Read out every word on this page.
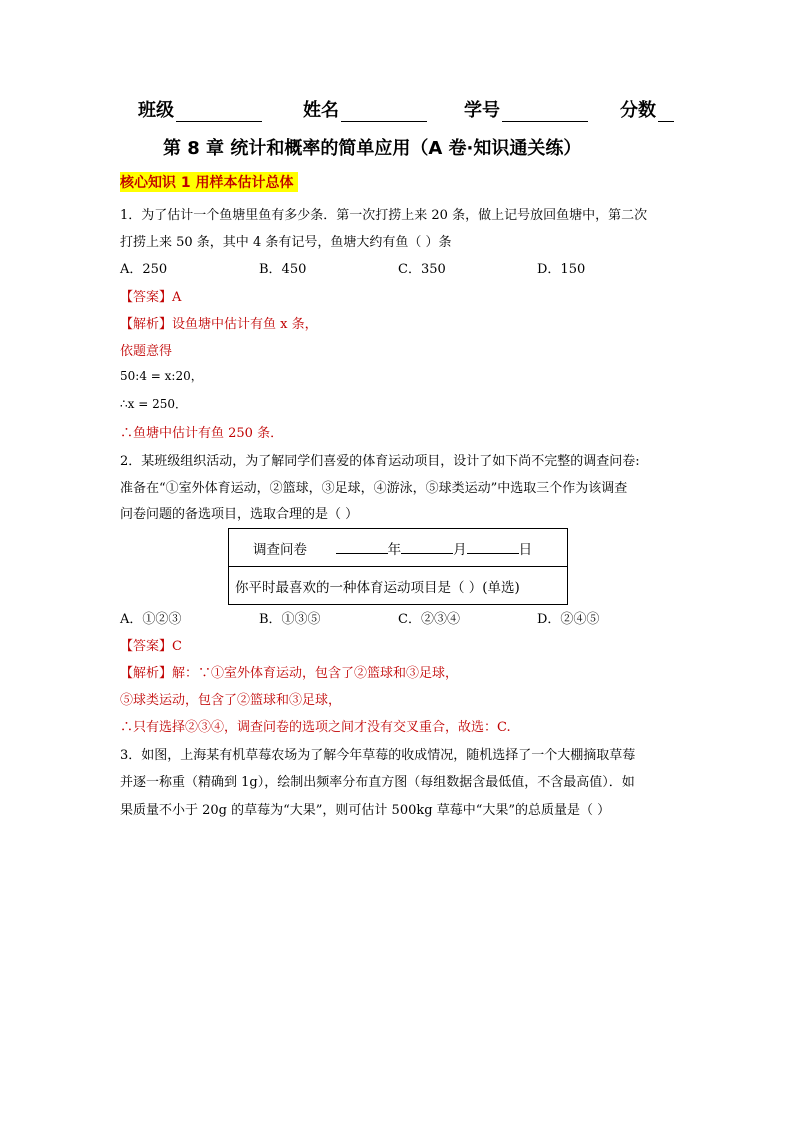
班级	姓名	学号	分数
第 8 章 统计和概率的简单应用（A 卷·知识通关练）
核心知识 1 用样本估计总体
1．为了估计一个鱼塘里鱼有多少条．第一次打捞上来 20 条，做上记号放回鱼塘中，第二次
打捞上来 50 条，其中 4 条有记号，鱼塘大约有鱼（ ）条
A．250	B．450	C．350	D．150
【答案】A
【解析】设鱼塘中估计有鱼 x 条，
依题意得
50:4 = x:20，
∴x = 250．
∴鱼塘中估计有鱼 250 条．
2．某班级组织活动，为了解同学们喜爱的体育运动项目，设计了如下尚不完整的调查问卷:
准备在“①室外体育运动，②篮球，③足球，④游泳，⑤球类运动”中选取三个作为该调查
问卷问题的备选项目，选取合理的是（ ）
调查问卷	年	月	日
你平时最喜欢的一种体育运动项目是（ ）(单选)
A．①②③	B．①③⑤	C．②③④	D．②④⑤
【答案】C
【解析】解：∵①室外体育运动，包含了②篮球和③足球，
⑤球类运动，包含了②篮球和③足球，
∴只有选择②③④，调查问卷的选项之间才没有交叉重合，故选：C.
3．如图，上海某有机草莓农场为了解今年草莓的收成情况，随机选择了一个大棚摘取草莓
并逐一称重（精确到 1g），绘制出频率分布直方图（每组数据含最低值，不含最高值）．如
果质量不小于 20g 的草莓为“大果”，则可估计 500kg 草莓中“大果”的总质量是（ ）
